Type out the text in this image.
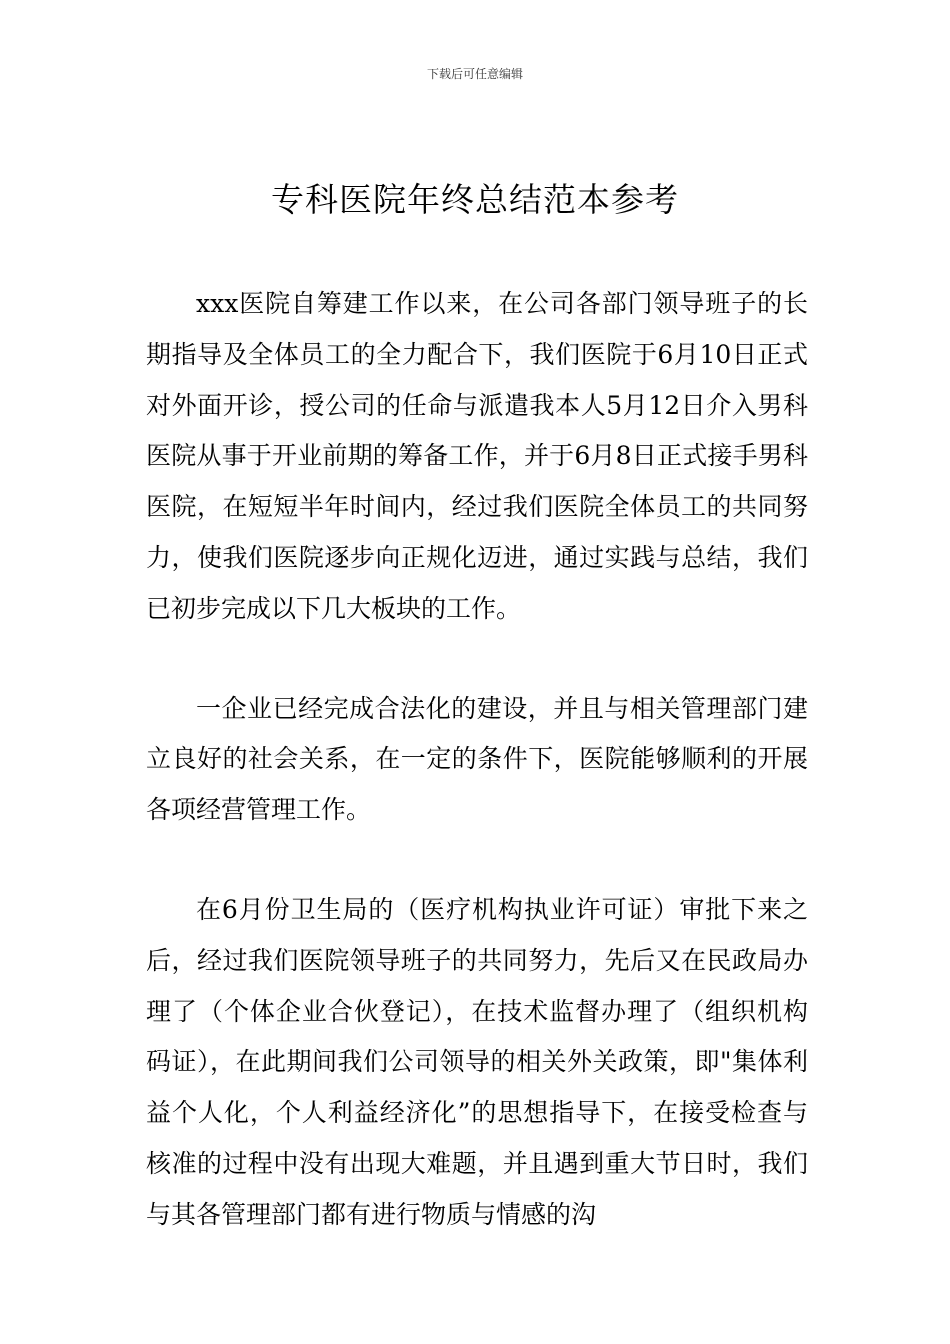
下载后可任意编辑
专科医院年终总结范本参考

xxx医院自筹建工作以来，在公司各部门领导班子的长期指导及全体员工的全力配合下，我们医院于6月10日正式对外面开诊，授公司的任命与派遣我本人5月12日介入男科医院从事于开业前期的筹备工作，并于6月8日正式接手男科医院，在短短半年时间内，经过我们医院全体员工的共同努力，使我们医院逐步向正规化迈进，通过实践与总结，我们已初步完成以下几大板块的工作。

一企业已经完成合法化的建设，并且与相关管理部门建立良好的社会关系，在一定的条件下，医院能够顺利的开展各项经营管理工作。

在6月份卫生局的（医疗机构执业许可证）审批下来之后，经过我们医院领导班子的共同努力，先后又在民政局办理了（个体企业合伙登记），在技术监督办理了（组织机构码证），在此期间我们公司领导的相关外关政策，即"集体利益个人化，个人利益经济化”的思想指导下，在接受检查与核准的过程中没有出现大难题，并且遇到重大节日时，我们与其各管理部门都有进行物质与情感的沟
